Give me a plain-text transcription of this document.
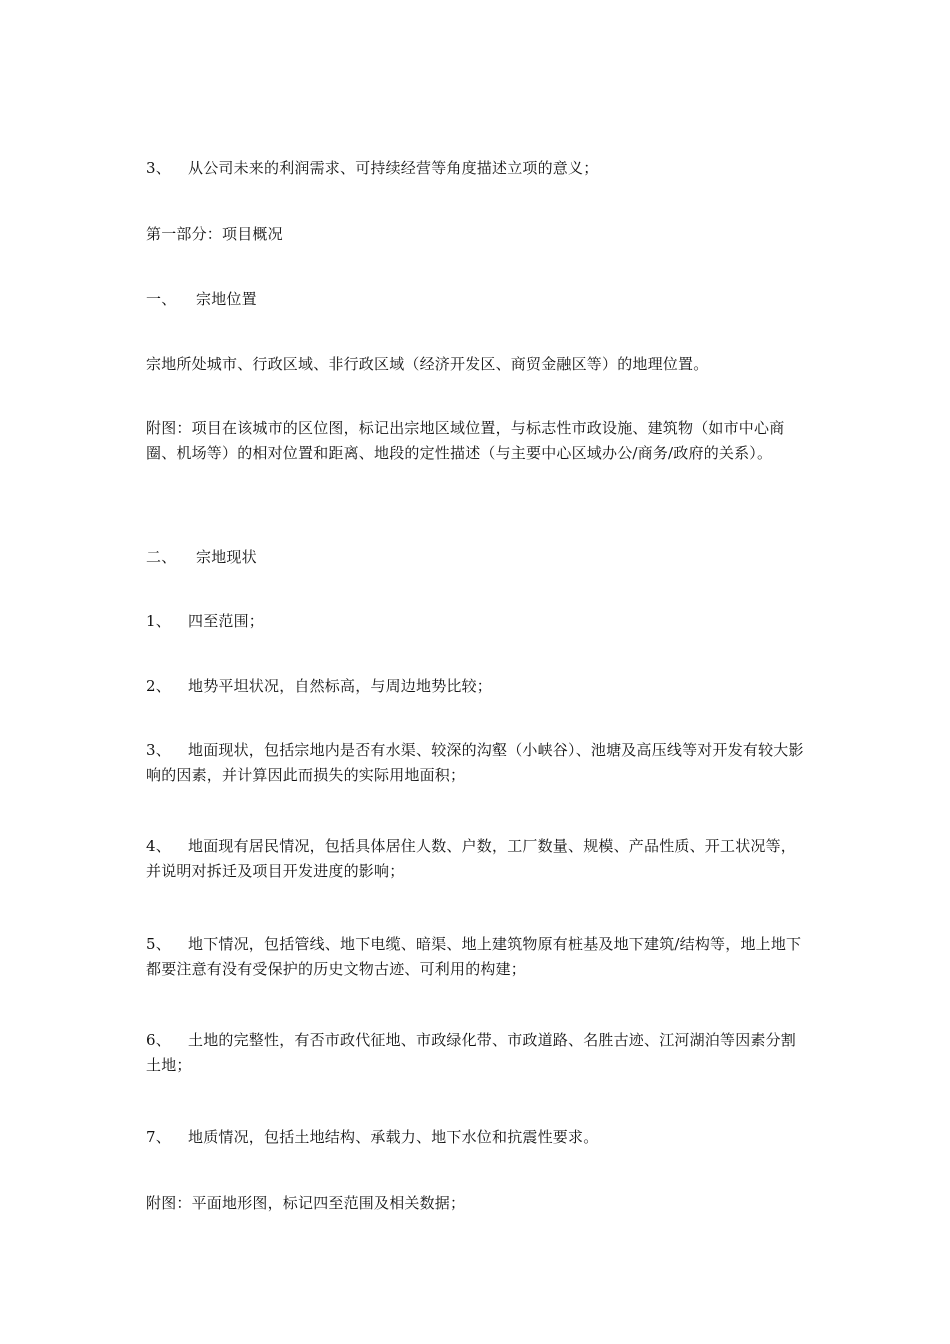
3、 从公司未来的利润需求、可持续经营等角度描述立项的意义；
第一部分：项目概况
一、 宗地位置
宗地所处城市、行政区域、非行政区域（经济开发区、商贸金融区等）的地理位置。
附图：项目在该城市的区位图，标记出宗地区域位置，与标志性市政设施、建筑物（如市中心商圈、机场等）的相对位置和距离、地段的定性描述（与主要中心区域办公/商务/政府的关系）。
二、 宗地现状
1、 四至范围；
2、 地势平坦状况，自然标高，与周边地势比较；
3、 地面现状，包括宗地内是否有水渠、较深的沟壑（小峡谷）、池塘及高压线等对开发有较大影响的因素，并计算因此而损失的实际用地面积；
4、 地面现有居民情况，包括具体居住人数、户数，工厂数量、规模、产品性质、开工状况等，并说明对拆迁及项目开发进度的影响；
5、 地下情况，包括管线、地下电缆、暗渠、地上建筑物原有桩基及地下建筑/结构等，地上地下都要注意有没有受保护的历史文物古迹、可利用的构建；
6、 土地的完整性，有否市政代征地、市政绿化带、市政道路、名胜古迹、江河湖泊等因素分割土地；
7、 地质情况，包括土地结构、承载力、地下水位和抗震性要求。
附图：平面地形图，标记四至范围及相关数据；
